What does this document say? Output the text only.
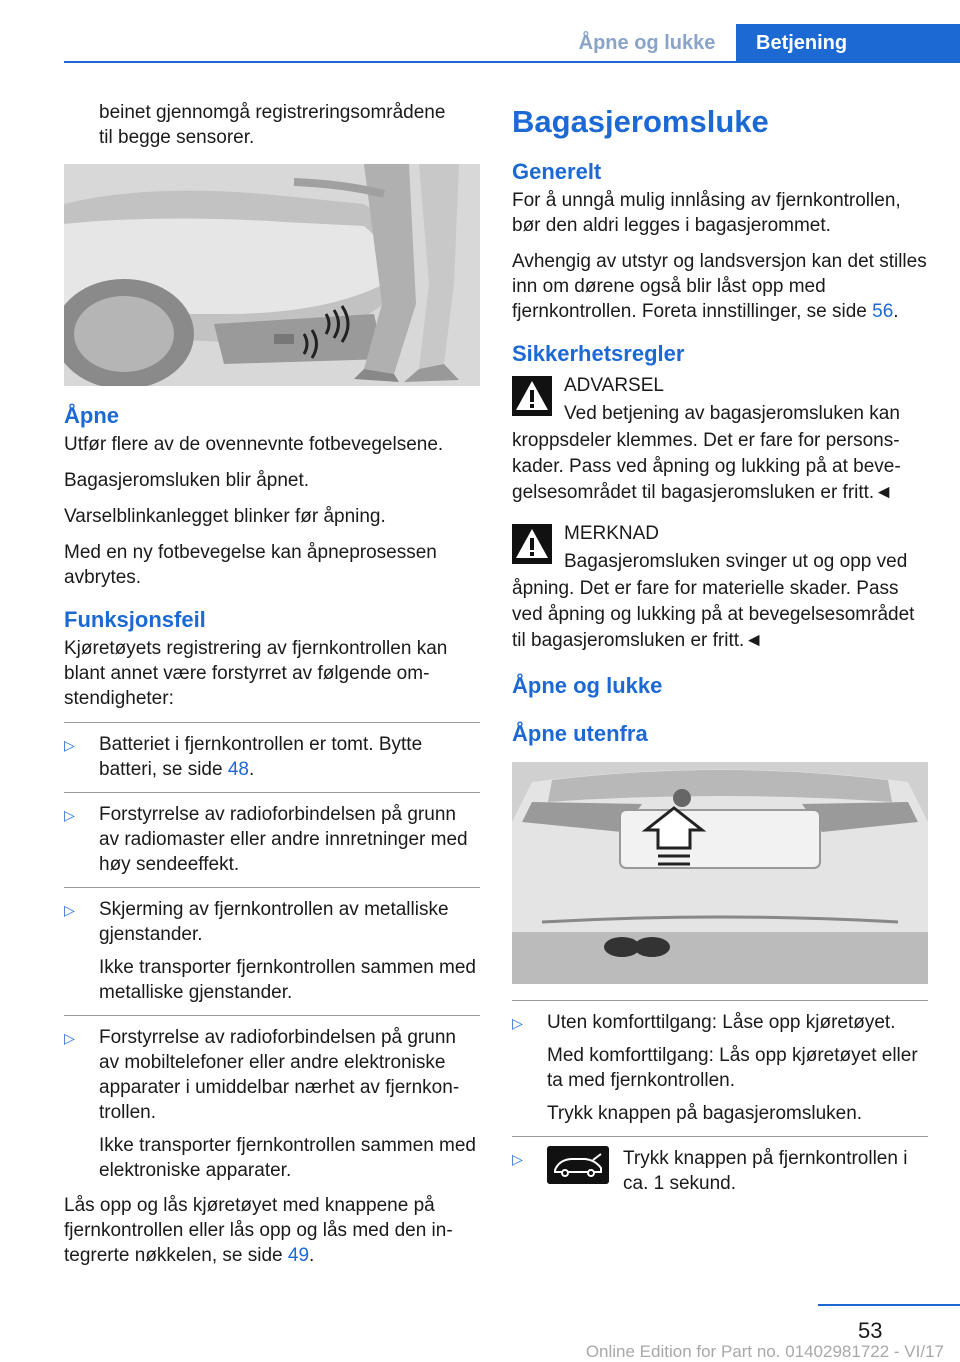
Åpne og lukke	Betjening

beinet gjennomgå registreringsområdene

til begge sensorer.

Åpne

Utfør flere av de ovennevnte fotbevegelsene.

Bagasjeromsluken blir åpnet.

Varselblinkanlegget blinker før åpning.

Med en ny fotbevegelse kan åpneprosessen avbrytes.

Funksjonsfeil

Kjøretøyets registrering av fjernkontrollen kan blant annet være forstyrret av følgende omstendigheter:

▷ Batteriet i fjernkontrollen er tomt. Bytte batteri, se side 48.

▷ Forstyrrelse av radioforbindelsen på grunn av radiomaster eller andre innretninger med høy sendeeffekt.

▷ Skjerming av fjernkontrollen av metalliske gjenstander.

Ikke transporter fjernkontrollen sammen med metalliske gjenstander.

▷ Forstyrrelse av radioforbindelsen på grunn av mobiltelefoner eller andre elektroniske apparater i umiddelbar nærhet av fjernkontrollen.

Ikke transporter fjernkontrollen sammen med elektroniske apparater.

Lås opp og lås kjøretøyet med knappene på fjernkontrollen eller lås opp og lås med den integrerte nøkkelen, se side 49.

Bagasjeromsluke
Generelt

For å unngå mulig innlåsing av fjernkontrollen, bør den aldri legges i bagasjerommet.

Avhengig av utstyr og landsversjon kan det stilles inn om dørene også blir låst opp med fjernkontrollen. Foreta innstillinger, se side 56.

Sikkerhetsregler
ADVARSEL
Ved betjening av bagasjeromsluken kan
kroppsdeler klemmes. Det er fare for personskader. Pass ved åpning og lukking på at bevegelsesområdet til bagasjeromsluken er fritt.◄
MERKNAD
Bagasjeromsluken svinger ut og opp ved
åpning. Det er fare for materielle skader. Pass ved åpning og lukking på at bevegelsesområdet til bagasjeromsluken er fritt.◄
Åpne og lukke
Åpne utenfra
▷ Uten komforttilgang: Låse opp kjøretøyet.

Med komforttilgang: Lås opp kjøretøyet eller ta med fjernkontrollen.

Trykk knappen på bagasjeromsluken.

▷	Trykk knappen på fjernkontrollen i ca. 1 sekund.

53
Online Edition for Part no. 01402981722 - VI/17
